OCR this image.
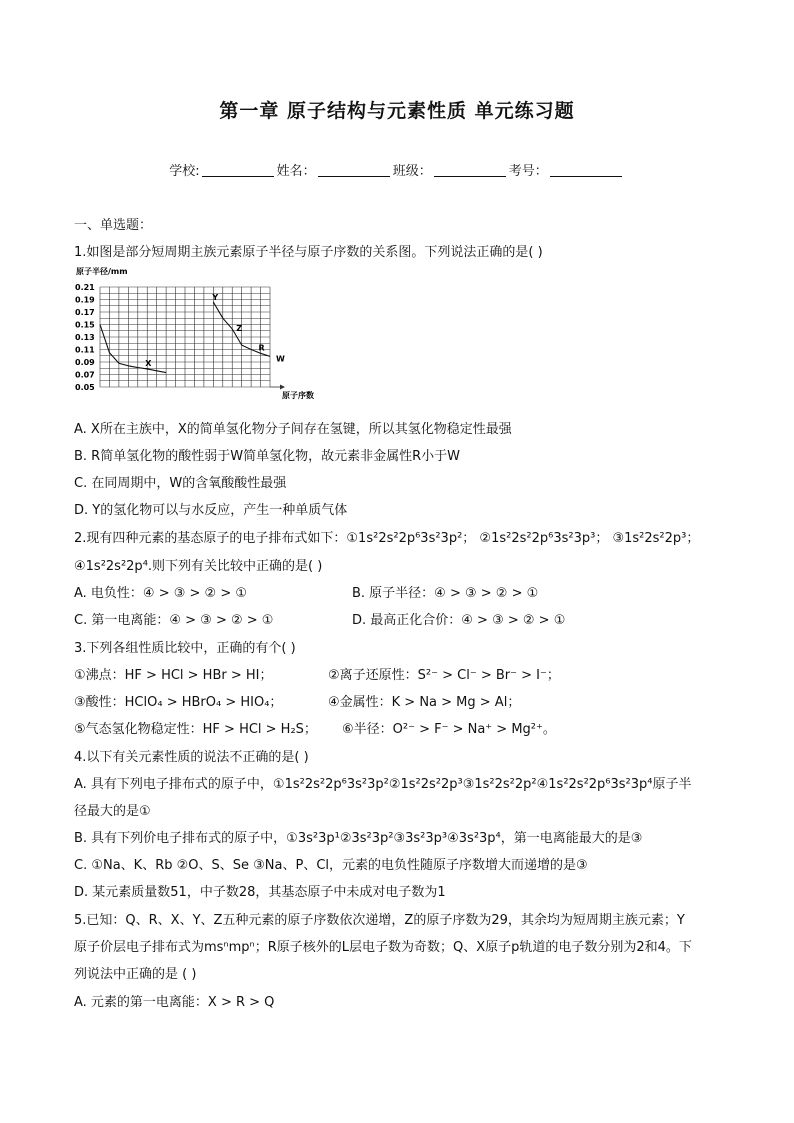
第一章 原子结构与元素性质 单元练习题
学校:	姓名：	班级：	考号：
一、单选题：
1.如图是部分短周期主族元素原子半径与原子序数的关系图。下列说法正确的是( )
原子半径/mm
原子序数
0.21
0.19
0.17
0.15
0.13
0.11
0.09
0.07
0.05
X
Y
Z
R
W
A. X所在主族中，X的简单氢化物分子间存在氢键，所以其氢化物稳定性最强
B. R简单氢化物的酸性弱于W简单氢化物，故元素非金属性R小于W
C. 在同周期中，W的含氧酸酸性最强
D. Y的氢化物可以与水反应，产生一种单质气体
2.现有四种元素的基态原子的电子排布式如下：①1s²2s²2p⁶3s²3p²； ②1s²2s²2p⁶3s²3p³； ③1s²2s²2p³；
④1s²2s²2p⁴.则下列有关比较中正确的是( )
A. 电负性：④ > ③ > ② > ①	B. 原子半径：④ > ③ > ② > ①
C. 第一电离能：④ > ③ > ② > ①	D. 最高正化合价：④ > ③ > ② > ①
3.下列各组性质比较中，正确的有个( )
①沸点：HF > HCl > HBr > HI；	②离子还原性：S²⁻ > Cl⁻ > Br⁻ > I⁻；
③酸性：HClO₄ > HBrO₄ > HIO₄；	④金属性：K > Na > Mg > Al；
⑤气态氢化物稳定性：HF > HCl > H₂S； ⑥半径：O²⁻ > F⁻ > Na⁺ > Mg²⁺。
4.以下有关元素性质的说法不正确的是( )
A. 具有下列电子排布式的原子中，①1s²2s²2p⁶3s²3p²②1s²2s²2p³③1s²2s²2p²④1s²2s²2p⁶3s²3p⁴原子半
径最大的是①
B. 具有下列价电子排布式的原子中，①3s²3p¹②3s²3p²③3s²3p³④3s²3p⁴，第一电离能最大的是③
C. ①Na、K、Rb ②O、S、Se ③Na、P、Cl，元素的电负性随原子序数增大而递增的是③
D. 某元素质量数51，中子数28，其基态原子中未成对电子数为1
5.已知：Q、R、X、Y、Z五种元素的原子序数依次递增，Z的原子序数为29，其余均为短周期主族元素；Y
原子价层电子排布式为msⁿmpⁿ；R原子核外的L层电子数为奇数；Q、X原子p轨道的电子数分别为2和4。下
列说法中正确的是 ( )
A. 元素的第一电离能：X > R > Q
